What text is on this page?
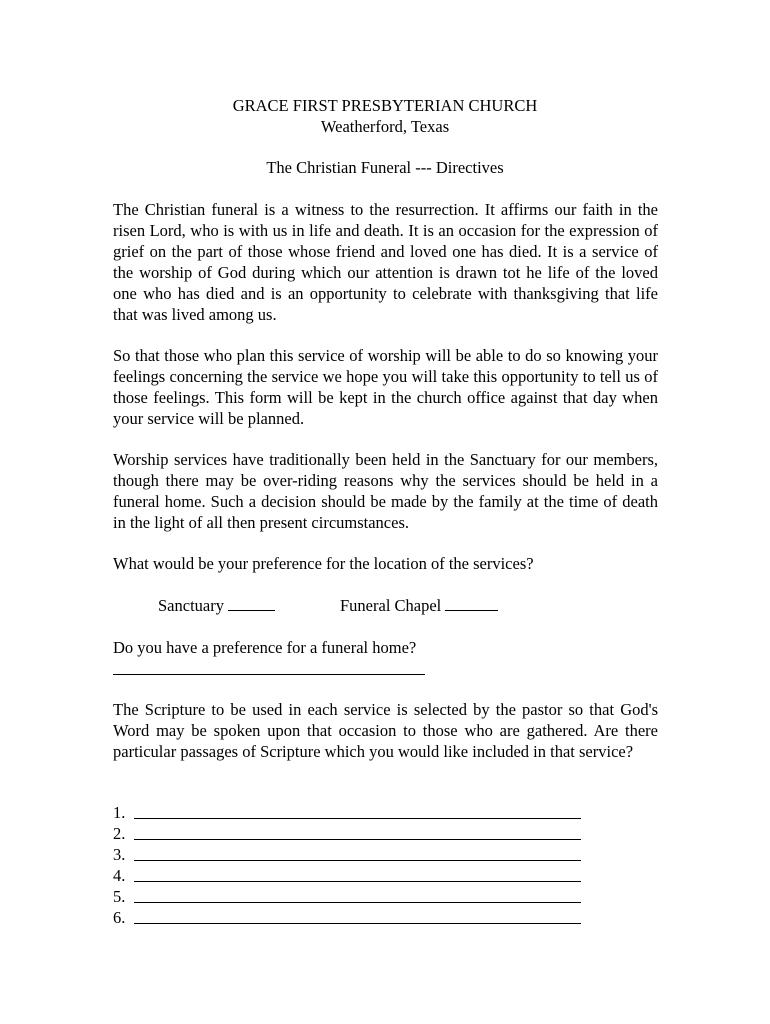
GRACE FIRST PRESBYTERIAN CHURCH
Weatherford, Texas
The Christian Funeral --- Directives

The Christian funeral is a witness to the resurrection. It affirms our faith in the risen Lord, who is with us in life and death. It is an occasion for the expression of grief on the part of those whose friend and loved one has died. It is a service of the worship of God during which our attention is drawn tot he life of the loved one who has died and is an opportunity to celebrate with thanksgiving that life that was lived among us.

So that those who plan this service of worship will be able to do so knowing your feelings concerning the service we hope you will take this opportunity to tell us of those feelings. This form will be kept in the church office against that day when your service will be planned.

Worship services have traditionally been held in the Sanctuary for our members, though there may be over-riding reasons why the services should be held in a funeral home. Such a decision should be made by the family at the time of death in the light of all then present circumstances.

What would be your preference for the location of the services?

Sanctuary

	Funeral Chapel

Do you have a preference for a funeral home?

The Scripture to be used in each service is selected by the pastor so that God's Word may be spoken upon that occasion to those who are gathered. Are there particular passages of Scripture which you would like included in that service?

1.
2.
3.
4.
5.
6.
